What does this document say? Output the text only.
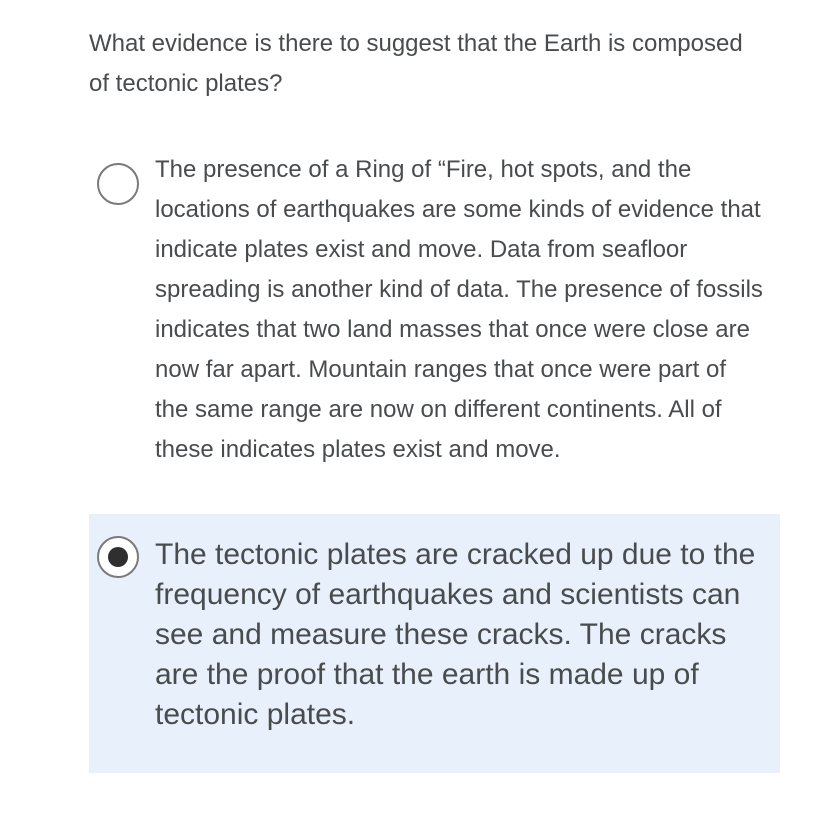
What evidence is there to suggest that the Earth is composed of tectonic plates?

The presence of a Ring of “Fire, hot spots, and the locations of earthquakes are some kinds of evidence that indicate plates exist and move. Data from seafloor spreading is another kind of data. The presence of fossils indicates that two land masses that once were close are now far apart. Mountain ranges that once were part of the same range are now on different continents. All of these indicates plates exist and move.

The tectonic plates are cracked up due to the frequency of earthquakes and scientists can see and measure these cracks. The cracks are the proof that the earth is made up of tectonic plates.
